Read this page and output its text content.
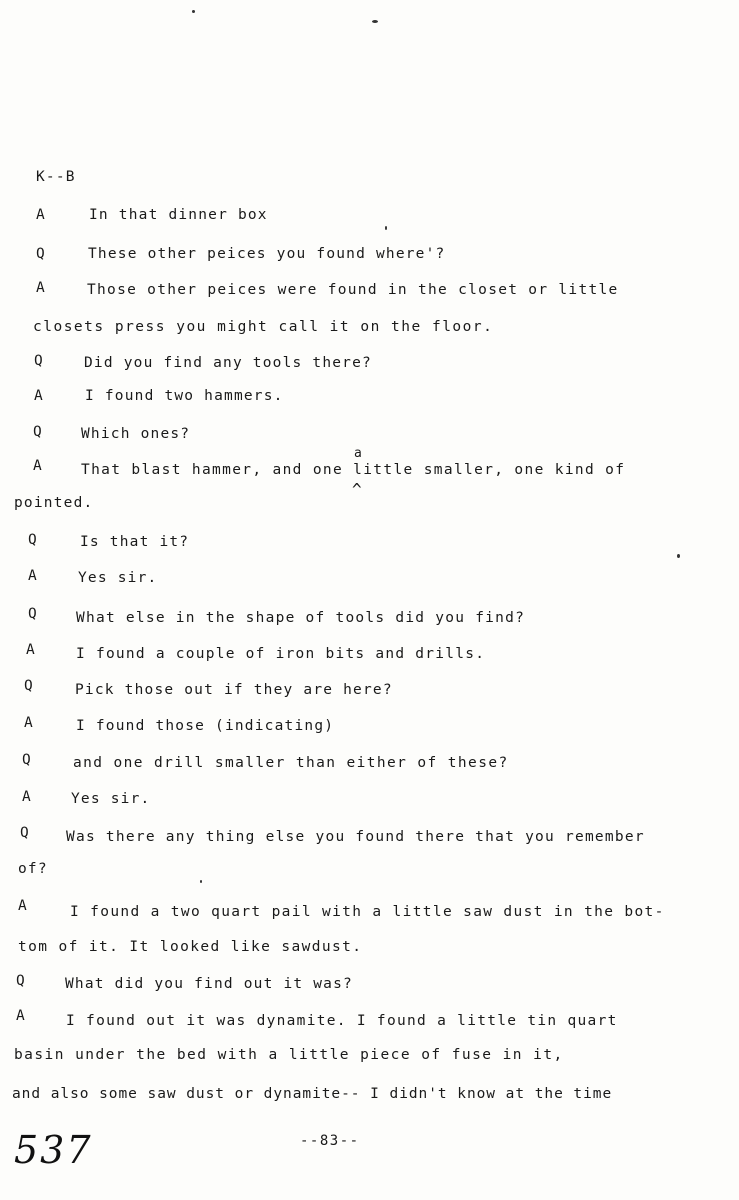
K--B
A	In that dinner box
Q	These other peices you found where'?
A	Those other peices were found in the closet or little
closets press you might call it on the floor.
Q	Did you find any tools there?
A	I found two hammers.
Q	Which ones?
a
A	That blast hammer, and one little smaller, one kind of
^
pointed.
Q	Is that it?
A	Yes sir.
Q	What else in the shape of tools did you find?
A	I found a couple of iron bits and drills.
Q	Pick those out if they are here?
A	I found those (indicating)
Q	and one drill smaller than either of these?
A	Yes sir.
Q	Was there any thing else you found there that you remember
of?
A	I found a two quart pail with a little saw dust in the bot-
tom of it. It looked like sawdust.
Q	What did you find out it was?
A	I found out it was dynamite. I found a little tin quart
basin under the bed with a little piece of fuse in it,
and also some saw dust or dynamite-- I didn't know at the time
--83--
537
